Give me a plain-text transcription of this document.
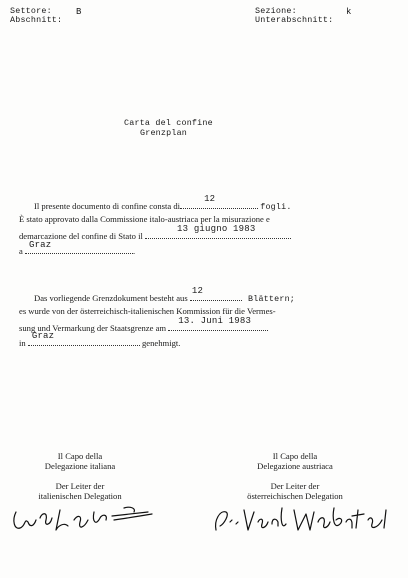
Settore:
Abschnitt:
B	Sezione:
Unterabschnitt:
k
Carta del confine
Grenzplan
Il presente documento di confine consta di
12
fogli.
È stato approvato dalla Commissione italo-austriaca per la misurazione e
demarcazione del confine di Stato il
13 giugno 1983
a
Graz
.
Das vorliegende Grenzdokument besteht aus
12
Blättern;
es wurde von der österreichisch-italienischen Kommission für die Vermes-
sung und Vermarkung der Staatsgrenze am
13. Juni 1983
in
Graz
genehmigt.
Il Capo della
Delegazione italiana
Der Leiter der
italienischen Delegation
Il Capo della
Delegazione austriaca
Der Leiter der
österreichischen Delegation
